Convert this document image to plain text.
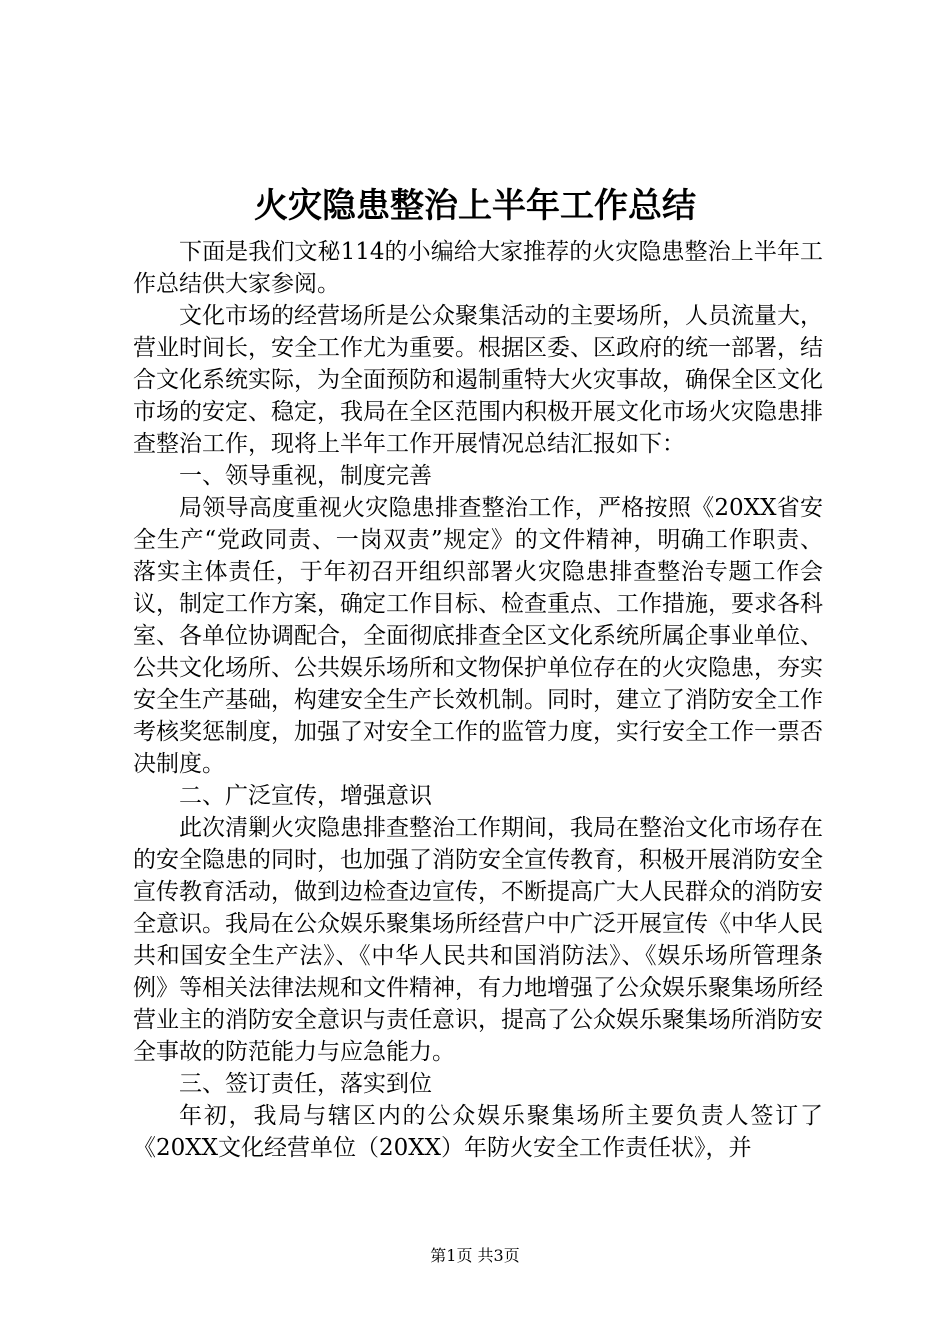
火灾隐患整治上半年工作总结

下面是我们文秘114的小编给大家推荐的火灾隐患整治上半年工作总结供大家参阅。

文化市场的经营场所是公众聚集活动的主要场所，人员流量大，营业时间长，安全工作尤为重要。根据区委、区政府的统一部署，结合文化系统实际，为全面预防和遏制重特大火灾事故，确保全区文化市场的安定、稳定，我局在全区范围内积极开展文化市场火灾隐患排查整治工作，现将上半年工作开展情况总结汇报如下：

一、领导重视，制度完善

局领导高度重视火灾隐患排查整治工作，严格按照《20XX省安全生产“党政同责、一岗双责”规定》的文件精神，明确工作职责、落实主体责任，于年初召开组织部署火灾隐患排查整治专题工作会议，制定工作方案，确定工作目标、检查重点、工作措施，要求各科室、各单位协调配合，全面彻底排查全区文化系统所属企事业单位、公共文化场所、公共娱乐场所和文物保护单位存在的火灾隐患，夯实安全生产基础，构建安全生产长效机制。同时，建立了消防安全工作考核奖惩制度，加强了对安全工作的监管力度，实行安全工作一票否决制度。

二、广泛宣传，增强意识

此次清剿火灾隐患排查整治工作期间，我局在整治文化市场存在的安全隐患的同时，也加强了消防安全宣传教育，积极开展消防安全宣传教育活动，做到边检查边宣传，不断提高广大人民群众的消防安全意识。我局在公众娱乐聚集场所经营户中广泛开展宣传《中华人民共和国安全生产法》、《中华人民共和国消防法》、《娱乐场所管理条例》等相关法律法规和文件精神，有力地增强了公众娱乐聚集场所经营业主的消防安全意识与责任意识，提高了公众娱乐聚集场所消防安全事故的防范能力与应急能力。

三、签订责任，落实到位

年初，我局与辖区内的公众娱乐聚集场所主要负责人签订了《20XX文化经营单位（20XX）年防火安全工作责任状》，并

第1页 共3页
